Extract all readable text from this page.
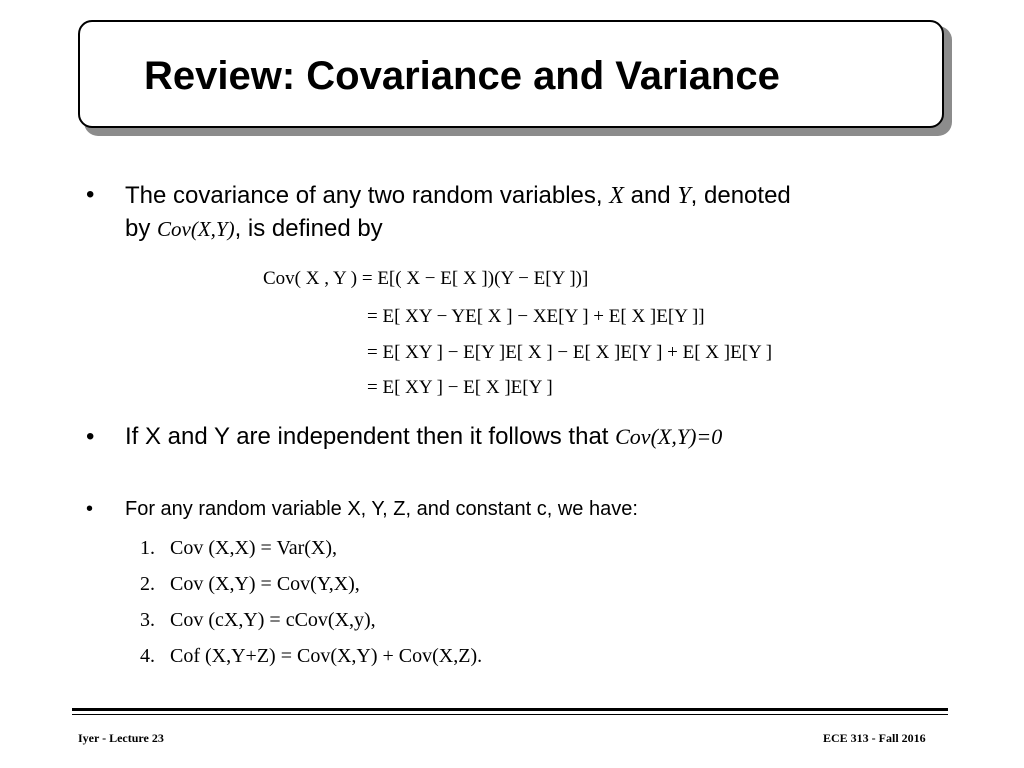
Review: Covariance and Variance
• The covariance of any two random variables, X and Y, denoted
by Cov(X,Y), is defined by
Cov( X , Y ) = E[( X − E[ X ])(Y − E[Y ])]
= E[ XY − YE[ X ] − XE[Y ] + E[ X ]E[Y ]]
= E[ XY ] − E[Y ]E[ X ] − E[ X ]E[Y ] + E[ X ]E[Y ]
= E[ XY ] − E[ X ]E[Y ]
• If X and Y are independent then it follows that Cov(X,Y)=0
• For any random variable X, Y, Z, and constant c, we have:
1. Cov (X,X) = Var(X),
2. Cov (X,Y) = Cov(Y,X),
3. Cov (cX,Y) = cCov(X,y),
4. Cof (X,Y+Z) = Cov(X,Y) + Cov(X,Z).
Iyer - Lecture 23	ECE 313 - Fall 2016
